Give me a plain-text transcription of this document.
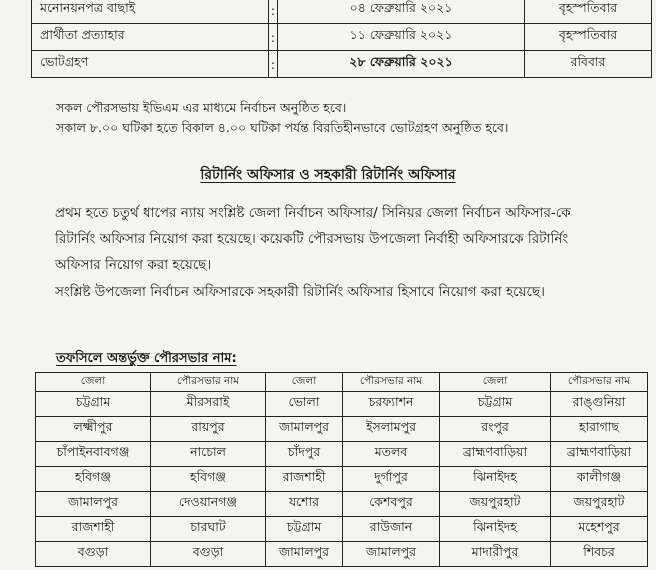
মনোনয়নপত্র বাছাই	:	০৪ ফেব্রুয়ারি ২০২১	বৃহস্পতিবার
প্রার্থীতা প্রত্যাহার	:	১১ ফেব্রুয়ারি ২০২১	বৃহস্পতিবার
ভোটগ্রহণ	:	২৮ ফেব্রুয়ারি ২০২১	রবিবার
সকল পৌরসভায় ইভিএম এর মাধ্যমে নির্বাচন অনুষ্ঠিত হবে।
সকাল ৮.০০ ঘটিকা হতে বিকাল ৪.০০ ঘটিকা পর্যন্ত বিরতিহীনভাবে ভোটগ্রহণ অনুষ্ঠিত হবে।
রিটার্নিং অফিসার ও সহকারী রিটার্নিং অফিসার
প্রথম হতে চতুর্থ ধাপের ন্যায় সংশ্লিষ্ট জেলা নির্বাচন অফিসার/ সিনিয়র জেলা নির্বাচন অফিসার-কে রিটার্নিং অফিসার নিয়োগ করা হয়েছে। কয়েকটি পৌরসভায় উপজেলা নির্বাহী অফিসারকে রিটার্নিং অফিসার নিয়োগ করা হয়েছে।
সংশ্লিষ্ট উপজেলা নির্বাচন অফিসারকে সহকারী রিটার্নিং অফিসার হিসাবে নিয়োগ করা হয়েছে।
তফসিলে অন্তর্ভুক্ত পৌরসভার নাম:
জেলা	পৌরসভার নাম	জেলা	পৌরসভার নাম	জেলা	পৌরসভার নাম
চট্টগ্রাম	মীরসরাই	ভোলা	চরফ্যাশন	চট্টগ্রাম	রাঙ্গুনিয়া
লক্ষ্মীপুর	রায়পুর	জামালপুর	ইসলামপুর	রংপুর	হারাগাছ
চাঁপাইনবাবগঞ্জ	নাচোল	চাঁদপুর	মতলব	ব্রাহ্মণবাড়িয়া	ব্রাহ্মণবাড়িয়া
হবিগঞ্জ	হবিগঞ্জ	রাজশাহী	দুর্গাপুর	ঝিনাইদহ	কালীগঞ্জ
জামালপুর	দেওয়ানগঞ্জ	যশোর	কেশবপুর	জয়পুরহাট	জয়পুরহাট
রাজশাহী	চারঘাট	চট্টগ্রাম	রাউজান	ঝিনাইদহ	মহেশপুর
বগুড়া	বগুড়া	জামালপুর	জামালপুর	মাদারীপুর	শিবচর
